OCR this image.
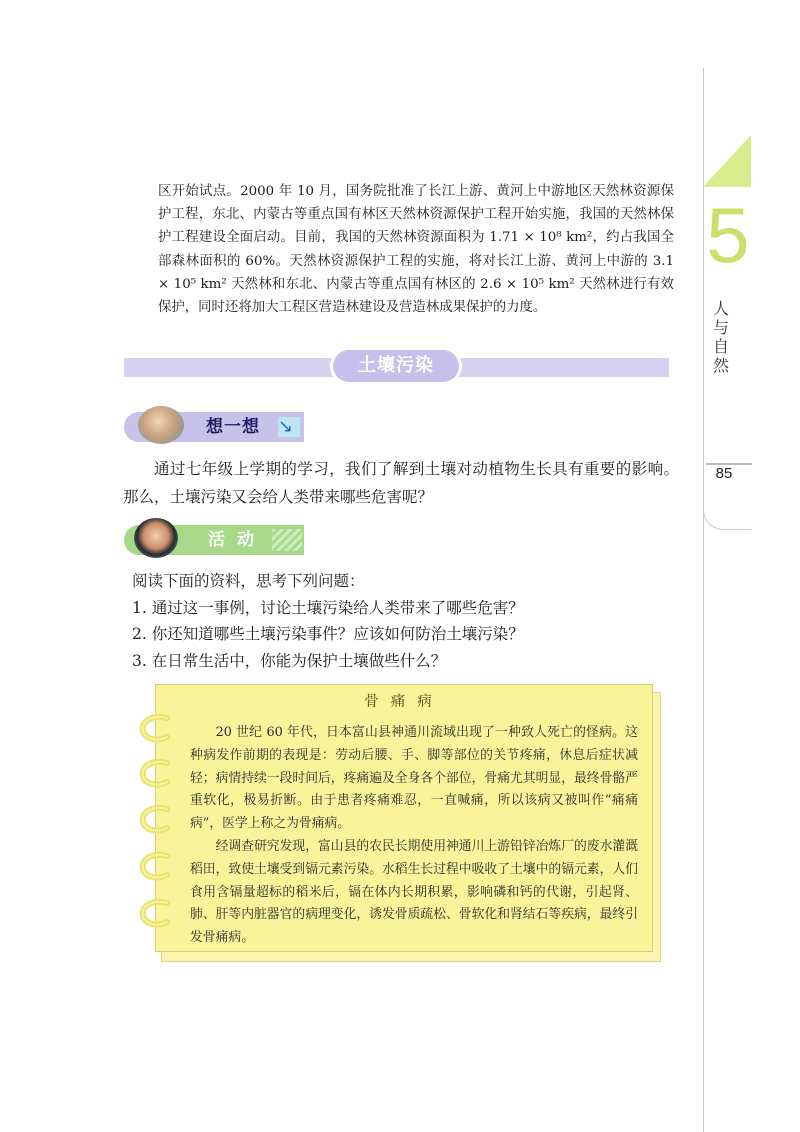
5
人与自然
85
区开始试点。2000 年 10 月，国务院批准了长江上游、黄河上中游地区天然林资源保护工程，东北、内蒙古等重点国有林区天然林资源保护工程开始实施，我国的天然林保护工程建设全面启动。目前，我国的天然林资源面积为 1.71 × 10⁸ km²，约占我国全部森林面积的 60%。天然林资源保护工程的实施，将对长江上游、黄河上中游的 3.1 × 10⁵ km² 天然林和东北、内蒙古等重点国有林区的 2.6 × 10⁵ km² 天然林进行有效保护，同时还将加大工程区营造林建设及营造林成果保护的力度。
土壤污染
想一想 ↘
通过七年级上学期的学习，我们了解到土壤对动植物生长具有重要的影响。那么，土壤污染又会给人类带来哪些危害呢？
活动
阅读下面的资料，思考下列问题：
1. 通过这一事例，讨论土壤污染给人类带来了哪些危害？
2. 你还知道哪些土壤污染事件？应该如何防治土壤污染？
3. 在日常生活中，你能为保护土壤做些什么？
骨痛病

20 世纪 60 年代，日本富山县神通川流域出现了一种致人死亡的怪病。这种病发作前期的表现是：劳动后腰、手、脚等部位的关节疼痛，休息后症状减轻；病情持续一段时间后，疼痛遍及全身各个部位，骨痛尤其明显，最终骨骼严重软化，极易折断。由于患者疼痛难忍，一直喊痛，所以该病又被叫作“痛痛病”，医学上称之为骨痛病。

经调查研究发现，富山县的农民长期使用神通川上游铅锌冶炼厂的废水灌溉稻田，致使土壤受到镉元素污染。水稻生长过程中吸收了土壤中的镉元素，人们食用含镉量超标的稻米后，镉在体内长期积累，影响磷和钙的代谢，引起肾、肺、肝等内脏器官的病理变化，诱发骨质疏松、骨软化和肾结石等疾病，最终引发骨痛病。
